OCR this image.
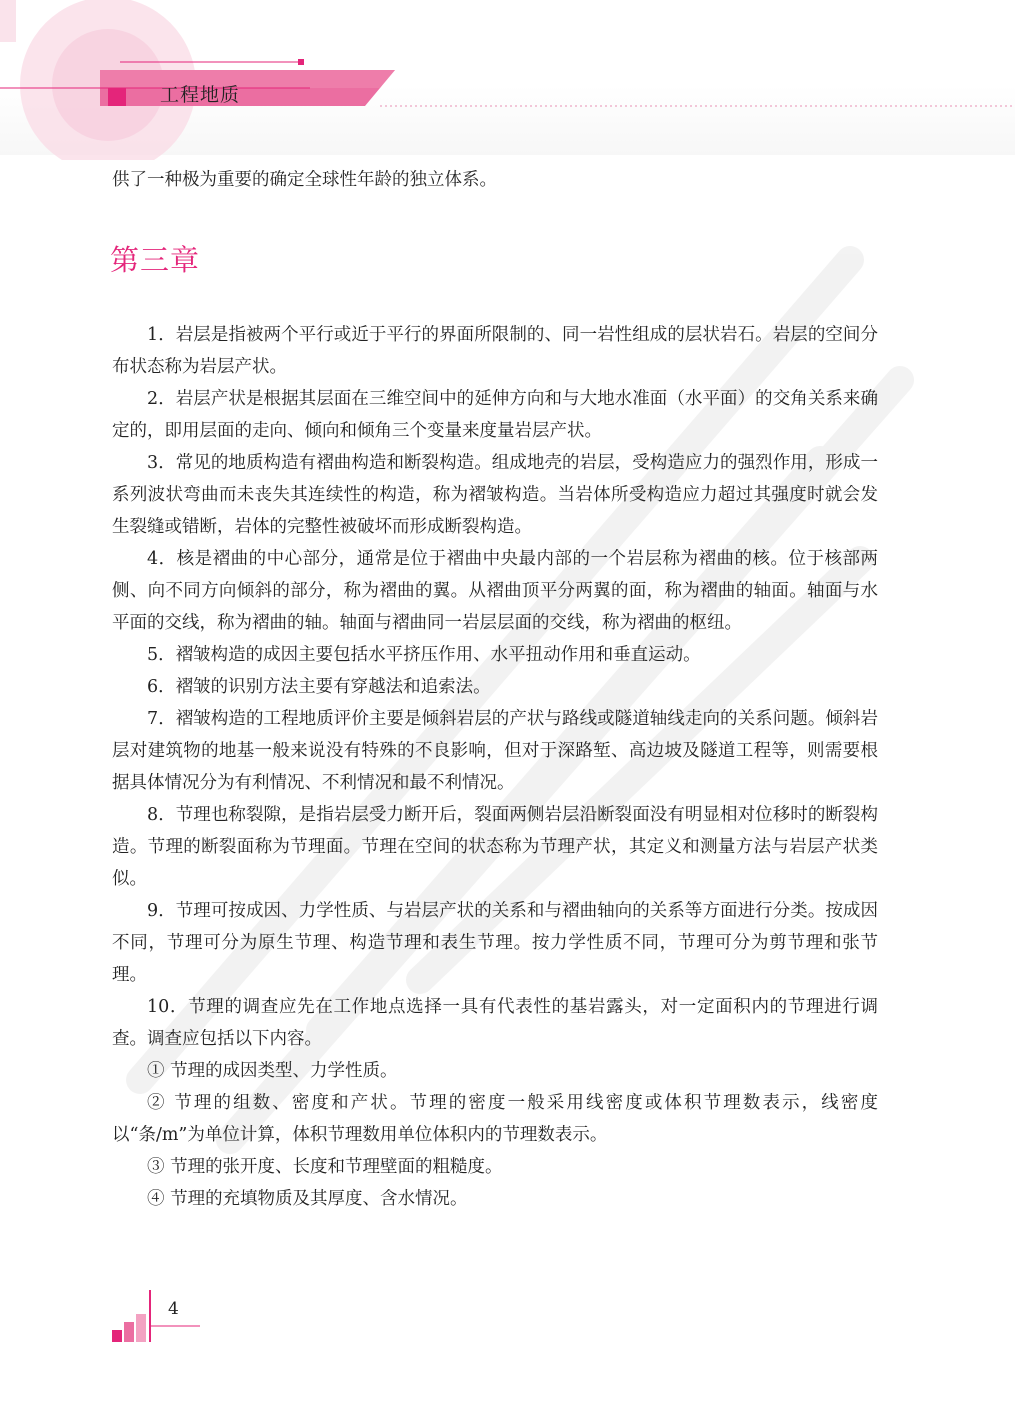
工程地质
供了一种极为重要的确定全球性年龄的独立体系。
第三章

1．岩层是指被两个平行或近于平行的界面所限制的、同一岩性组成的层状岩石。岩层的空间分布状态称为岩层产状。

2．岩层产状是根据其层面在三维空间中的延伸方向和与大地水准面（水平面）的交角关系来确定的，即用层面的走向、倾向和倾角三个变量来度量岩层产状。

3．常见的地质构造有褶曲构造和断裂构造。组成地壳的岩层，受构造应力的强烈作用，形成一系列波状弯曲而未丧失其连续性的构造，称为褶皱构造。当岩体所受构造应力超过其强度时就会发生裂缝或错断，岩体的完整性被破坏而形成断裂构造。

4．核是褶曲的中心部分，通常是位于褶曲中央最内部的一个岩层称为褶曲的核。位于核部两侧、向不同方向倾斜的部分，称为褶曲的翼。从褶曲顶平分两翼的面，称为褶曲的轴面。轴面与水平面的交线，称为褶曲的轴。轴面与褶曲同一岩层层面的交线，称为褶曲的枢纽。

5．褶皱构造的成因主要包括水平挤压作用、水平扭动作用和垂直运动。

6．褶皱的识别方法主要有穿越法和追索法。

7．褶皱构造的工程地质评价主要是倾斜岩层的产状与路线或隧道轴线走向的关系问题。倾斜岩层对建筑物的地基一般来说没有特殊的不良影响，但对于深路堑、高边坡及隧道工程等，则需要根据具体情况分为有利情况、不利情况和最不利情况。

8．节理也称裂隙，是指岩层受力断开后，裂面两侧岩层沿断裂面没有明显相对位移时的断裂构造。节理的断裂面称为节理面。节理在空间的状态称为节理产状，其定义和测量方法与岩层产状类似。

9．节理可按成因、力学性质、与岩层产状的关系和与褶曲轴向的关系等方面进行分类。按成因不同，节理可分为原生节理、构造节理和表生节理。按力学性质不同，节理可分为剪节理和张节理。

10．节理的调查应先在工作地点选择一具有代表性的基岩露头，对一定面积内的节理进行调查。调查应包括以下内容。

① 节理的成因类型、力学性质。

② 节理的组数、密度和产状。节理的密度一般采用线密度或体积节理数表示，线密度以“条/m”为单位计算，体积节理数用单位体积内的节理数表示。

③ 节理的张开度、长度和节理壁面的粗糙度。

④ 节理的充填物质及其厚度、含水情况。

4
